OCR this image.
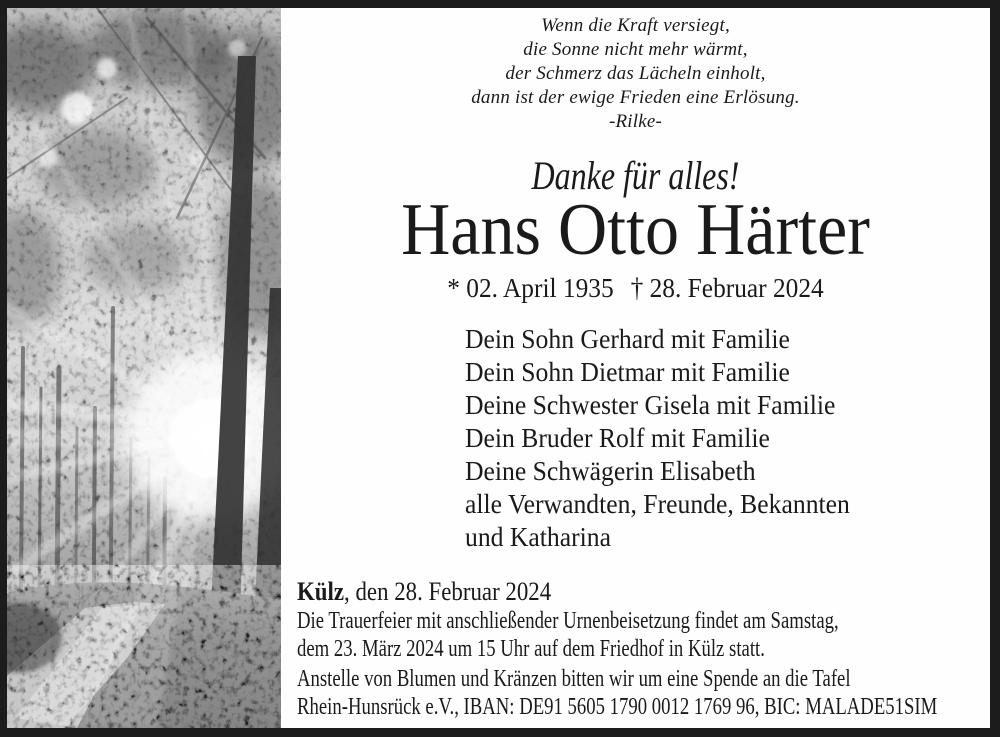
Wenn die Kraft versiegt,
die Sonne nicht mehr wärmt,
der Schmerz das Lächeln einholt,
dann ist der ewige Frieden eine Erlösung.
-Rilke-
Danke für alles!
Hans Otto Härter
* 02. April 1935 † 28. Februar 2024
Dein Sohn Gerhard mit Familie
Dein Sohn Dietmar mit Familie
Deine Schwester Gisela mit Familie
Dein Bruder Rolf mit Familie
Deine Schwägerin Elisabeth
alle Verwandten, Freunde, Bekannten
und Katharina
Külz, den 28. Februar 2024
Die Trauerfeier mit anschließender Urnenbeisetzung findet am Samstag,
dem 23. März 2024 um 15 Uhr auf dem Friedhof in Külz statt.
Anstelle von Blumen und Kränzen bitten wir um eine Spende an die Tafel
Rhein-Hunsrück e.V., IBAN: DE91 5605 1790 0012 1769 96, BIC: MALADE51SIM
